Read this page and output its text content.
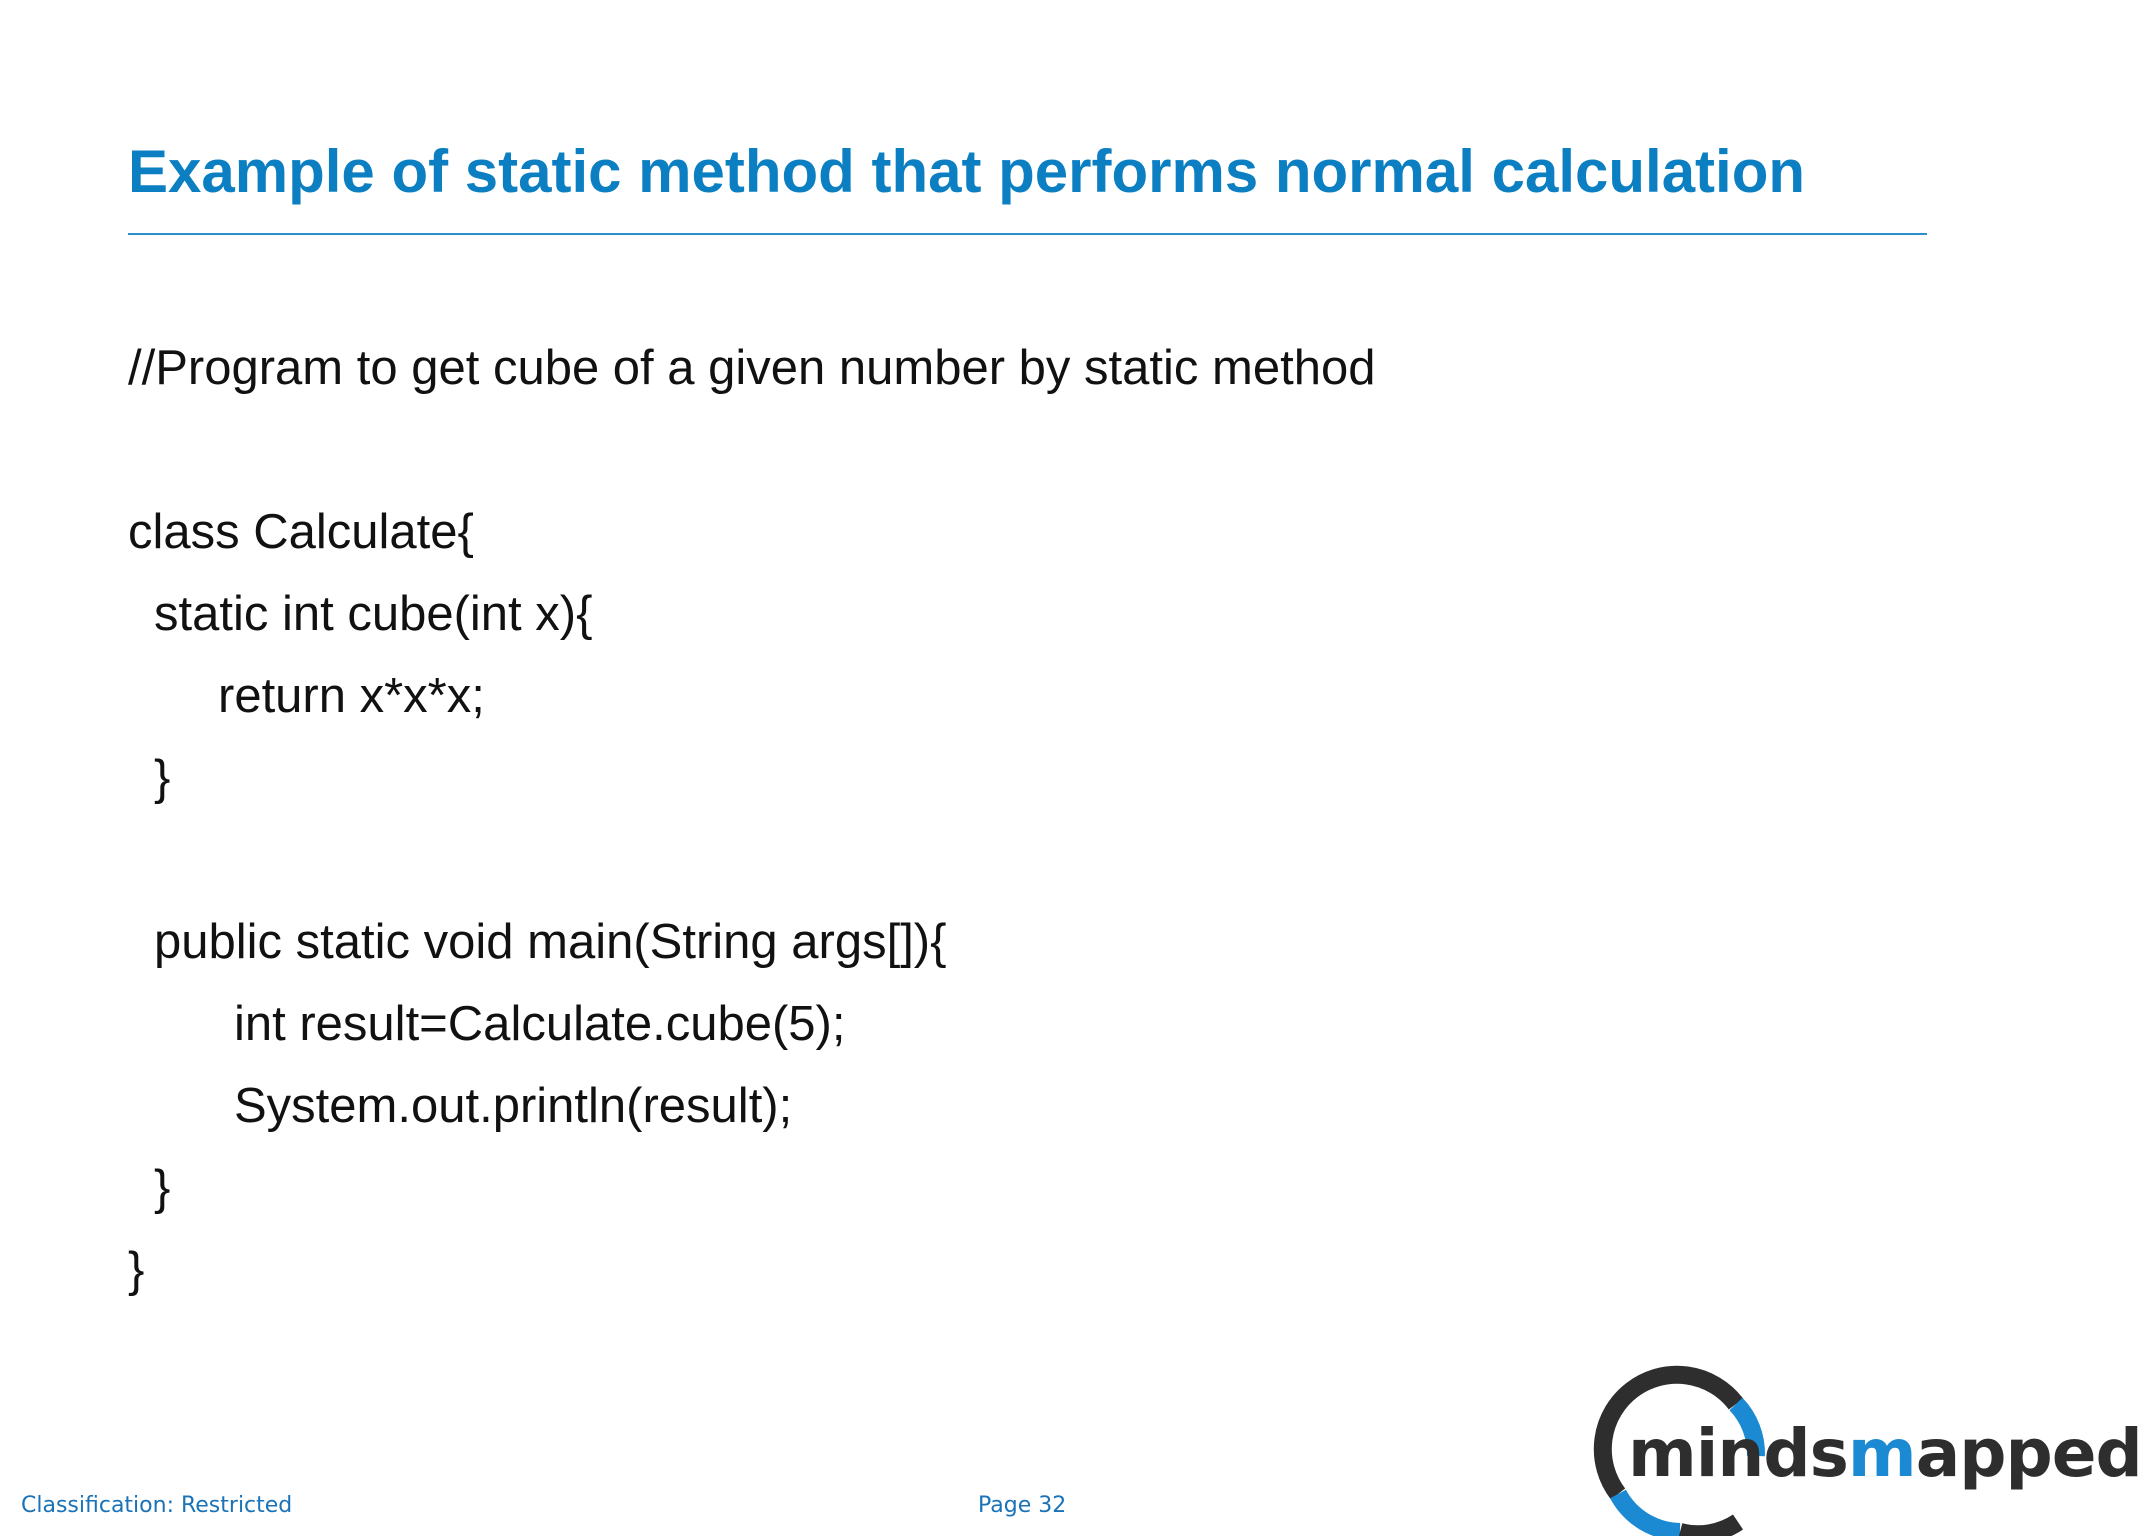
Example of static method that performs normal calculation
//Program to get cube of a given number by static method
class Calculate{
static int cube(int x){
return x*x*x;
}
public static void main(String args[]){
int result=Calculate.cube(5);
System.out.println(result);
}
}
Classification: Restricted	Page 32
mindsmapped
